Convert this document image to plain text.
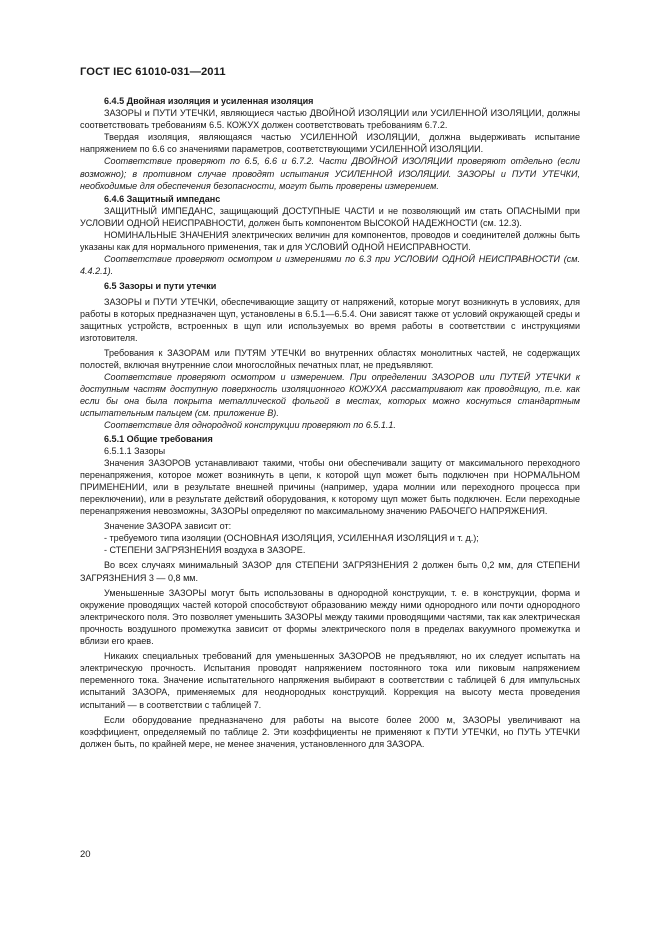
ГОСТ IEC 61010-031—2011

6.4.5 Двойная изоляция и усиленная изоляция

ЗАЗОРЫ и ПУТИ УТЕЧКИ, являющиеся частью ДВОЙНОЙ ИЗОЛЯЦИИ или УСИЛЕННОЙ ИЗОЛЯЦИИ, должны соответствовать требованиям 6.5. КОЖУХ должен соответствовать требованиям 6.7.2.

Твердая изоляция, являющаяся частью УСИЛЕННОЙ ИЗОЛЯЦИИ, должна выдерживать испытание напряжением по 6.6 со значениями параметров, соответствующими УСИЛЕННОЙ ИЗОЛЯЦИИ.

Соответствие проверяют по 6.5, 6.6 и 6.7.2. Части ДВОЙНОЙ ИЗОЛЯЦИИ проверяют отдельно (если возможно); в противном случае проводят испытания УСИЛЕННОЙ ИЗОЛЯЦИИ. ЗАЗОРЫ и ПУТИ УТЕЧКИ, необходимые для обеспечения безопасности, могут быть проверены измерением.

6.4.6 Защитный импеданс

ЗАЩИТНЫЙ ИМПЕДАНС, защищающий ДОСТУПНЫЕ ЧАСТИ и не позволяющий им стать ОПАСНЫМИ при УСЛОВИИ ОДНОЙ НЕИСПРАВНОСТИ, должен быть компонентом ВЫСОКОЙ НАДЕЖНОСТИ (см. 12.3).

НОМИНАЛЬНЫЕ ЗНАЧЕНИЯ электрических величин для компонентов, проводов и соединителей должны быть указаны как для нормального применения, так и для УСЛОВИЙ ОДНОЙ НЕИСПРАВНОСТИ.

Соответствие проверяют осмотром и измерениями по 6.3 при УСЛОВИИ ОДНОЙ НЕИСПРАВНОСТИ (см. 4.4.2.1).

6.5 Зазоры и пути утечки

ЗАЗОРЫ и ПУТИ УТЕЧКИ, обеспечивающие защиту от напряжений, которые могут возникнуть в условиях, для работы в которых предназначен щуп, установлены в 6.5.1—6.5.4. Они зависят также от условий окружающей среды и защитных устройств, встроенных в щуп или используемых во время работы в соответствии с инструкциями изготовителя.

Требования к ЗАЗОРАМ или ПУТЯМ УТЕЧКИ во внутренних областях монолитных частей, не содержащих полостей, включая внутренние слои многослойных печатных плат, не предъявляют.

Соответствие проверяют осмотром и измерением. При определении ЗАЗОРОВ или ПУТЕЙ УТЕЧКИ к доступным частям доступную поверхность изоляционного КОЖУХА рассматривают как проводящую, т.е. как если бы она была покрыта металлической фольгой в местах, которых можно коснуться стандартным испытательным пальцем (см. приложение В).

Соответствие для однородной конструкции проверяют по 6.5.1.1.

6.5.1 Общие требования

6.5.1.1 Зазоры

Значения ЗАЗОРОВ устанавливают такими, чтобы они обеспечивали защиту от максимального переходного перенапряжения, которое может возникнуть в цепи, к которой щуп может быть подключен при НОРМАЛЬНОМ ПРИМЕНЕНИИ, или в результате внешней причины (например, удара молнии или переходного процесса при переключении), или в результате действий оборудования, к которому щуп может быть подключен. Если переходные перенапряжения невозможны, ЗАЗОРЫ определяют по максимальному значению РАБОЧЕГО НАПРЯЖЕНИЯ.

Значение ЗАЗОРА зависит от:

- требуемого типа изоляции (ОСНОВНАЯ ИЗОЛЯЦИЯ, УСИЛЕННАЯ ИЗОЛЯЦИЯ и т. д.);

- СТЕПЕНИ ЗАГРЯЗНЕНИЯ воздуха в ЗАЗОРЕ.

Во всех случаях минимальный ЗАЗОР для СТЕПЕНИ ЗАГРЯЗНЕНИЯ 2 должен быть 0,2 мм, для СТЕПЕНИ ЗАГРЯЗНЕНИЯ 3 — 0,8 мм.

Уменьшенные ЗАЗОРЫ могут быть использованы в однородной конструкции, т. е. в конструкции, форма и окружение проводящих частей которой способствуют образованию между ними однородного или почти однородного электрического поля. Это позволяет уменьшить ЗАЗОРЫ между такими проводящими частями, так как электрическая прочность воздушного промежутка зависит от формы электрического поля в пределах вакуумного промежутка и вблизи его краев.

Никаких специальных требований для уменьшенных ЗАЗОРОВ не предъявляют, но их следует испытать на электрическую прочность. Испытания проводят напряжением постоянного тока или пиковым напряжением переменного тока. Значение испытательного напряжения выбирают в соответствии с таблицей 6 для импульсных испытаний ЗАЗОРА, применяемых для неоднородных конструкций. Коррекция на высоту места проведения испытаний — в соответствии с таблицей 7.

Если оборудование предназначено для работы на высоте более 2000 м, ЗАЗОРЫ увеличивают на коэффициент, определяемый по таблице 2. Эти коэффициенты не применяют к ПУТИ УТЕЧКИ, но ПУТЬ УТЕЧКИ должен быть, по крайней мере, не менее значения, установленного для ЗАЗОРА.

20
